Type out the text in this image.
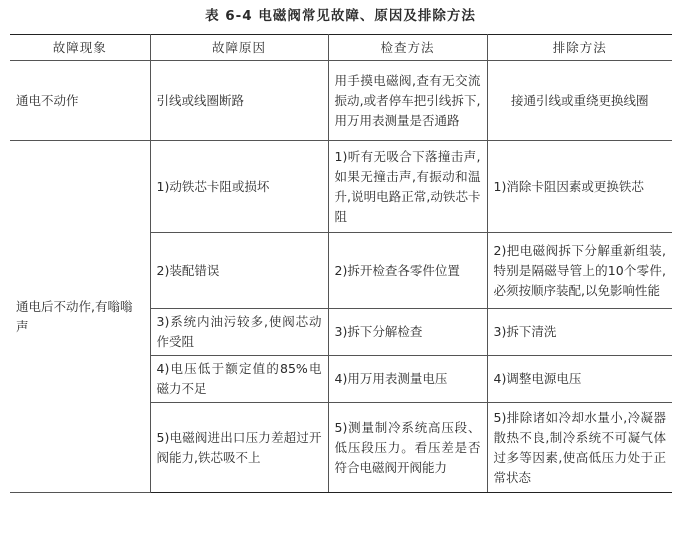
表 6-4 电磁阀常见故障、原因及排除方法
故障现象	故障原因	检查方法	排除方法
通电不动作	引线或线圈断路	用手摸电磁阀,查有无交流振动,或者停车把引线拆下,用万用表测量是否通路	接通引线或重绕更换线圈
通电后不动作,有嗡嗡声	1)动铁芯卡阻或损坏	1)听有无吸合下落撞击声,如果无撞击声,有振动和温升,说明电路正常,动铁芯卡阻	1)消除卡阻因素或更换铁芯
	2)装配错误	2)拆开检查各零件位置	2)把电磁阀拆下分解重新组装,特别是隔磁导管上的10个零件,必须按顺序装配,以免影响性能
	3)系统内油污较多,使阀芯动作受阻	3)拆下分解检查	3)拆下清洗
	4)电压低于额定值的85%电磁力不足	4)用万用表测量电压	4)调整电源电压
	5)电磁阀进出口压力差超过开阀能力,铁芯吸不上	5)测量制冷系统高压段、低压段压力。看压差是否符合电磁阀开阀能力	5)排除诸如冷却水量小,冷凝器散热不良,制冷系统不可凝气体过多等因素,使高低压力处于正常状态
